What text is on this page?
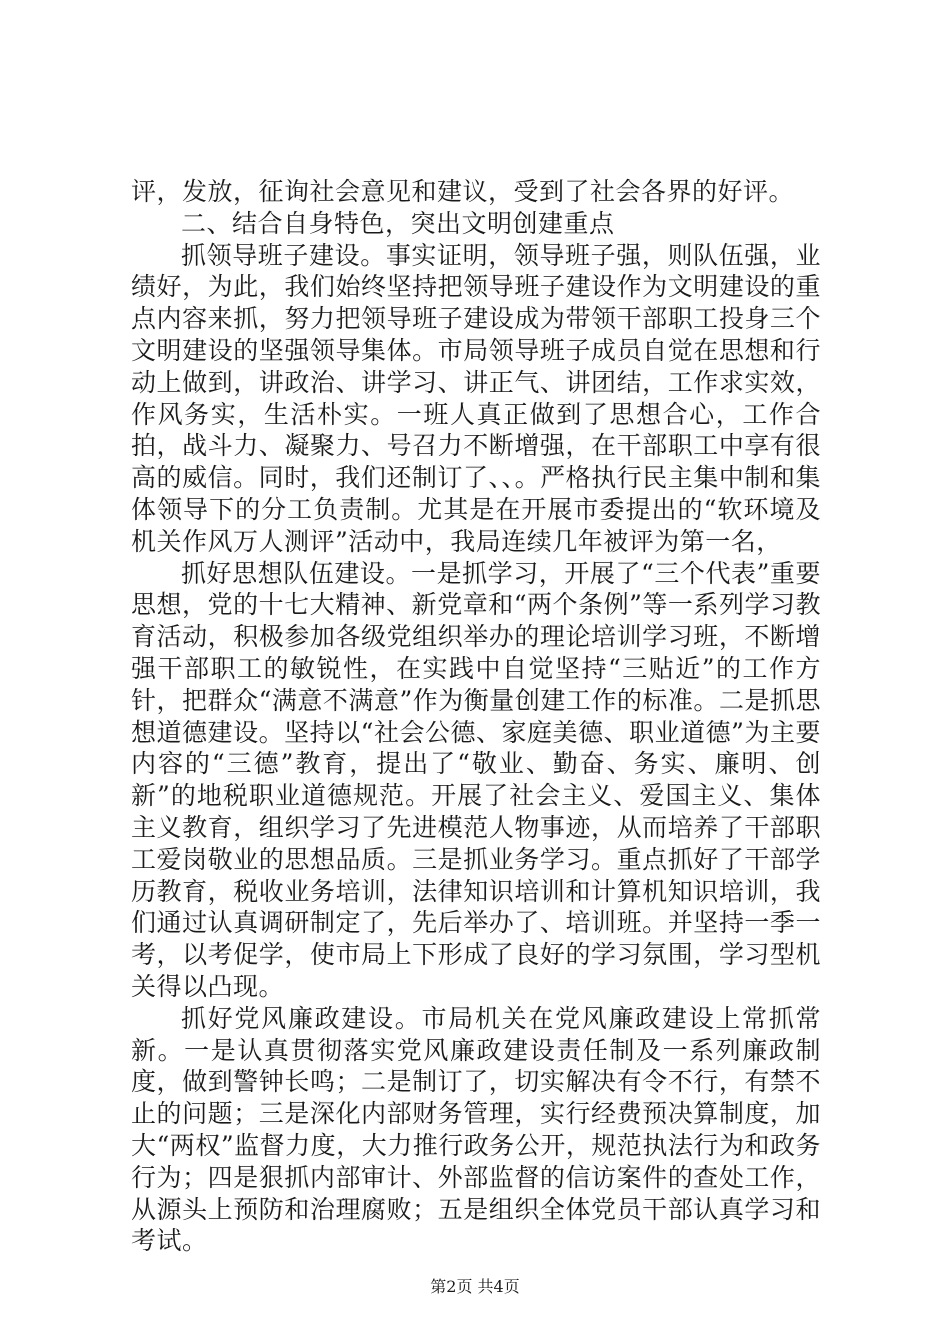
评，发放，征询社会意见和建议，受到了社会各界的好评。

二、结合自身特色，突出文明创建重点

抓领导班子建设。事实证明，领导班子强，则队伍强，业绩好，为此，我们始终坚持把领导班子建设作为文明建设的重点内容来抓，努力把领导班子建设成为带领干部职工投身三个文明建设的坚强领导集体。市局领导班子成员自觉在思想和行动上做到，讲政治、讲学习、讲正气、讲团结，工作求实效，作风务实，生活朴实。一班人真正做到了思想合心，工作合拍，战斗力、凝聚力、号召力不断增强，在干部职工中享有很高的威信。同时，我们还制订了、、。严格执行民主集中制和集体领导下的分工负责制。尤其是在开展市委提出的“软环境及机关作风万人测评”活动中，我局连续几年被评为第一名，

抓好思想队伍建设。一是抓学习，开展了“三个代表”重要思想，党的十七大精神、新党章和“两个条例”等一系列学习教育活动，积极参加各级党组织举办的理论培训学习班，不断增强干部职工的敏锐性，在实践中自觉坚持“三贴近”的工作方针，把群众“满意不满意”作为衡量创建工作的标准。二是抓思想道德建设。坚持以“社会公德、家庭美德、职业道德”为主要内容的“三德”教育，提出了“敬业、勤奋、务实、廉明、创新”的地税职业道德规范。开展了社会主义、爱国主义、集体主义教育，组织学习了先进模范人物事迹，从而培养了干部职工爱岗敬业的思想品质。三是抓业务学习。重点抓好了干部学历教育，税收业务培训，法律知识培训和计算机知识培训，我们通过认真调研制定了，先后举办了、培训班。并坚持一季一考，以考促学，使市局上下形成了良好的学习氛围，学习型机关得以凸现。

抓好党风廉政建设。市局机关在党风廉政建设上常抓常新。一是认真贯彻落实党风廉政建设责任制及一系列廉政制度，做到警钟长鸣；二是制订了，切实解决有令不行，有禁不止的问题；三是深化内部财务管理，实行经费预决算制度，加大“两权”监督力度，大力推行政务公开，规范执法行为和政务行为；四是狠抓内部审计、外部监督的信访案件的查处工作，从源头上预防和治理腐败；五是组织全体党员干部认真学习和考试。

第2页 共4页
